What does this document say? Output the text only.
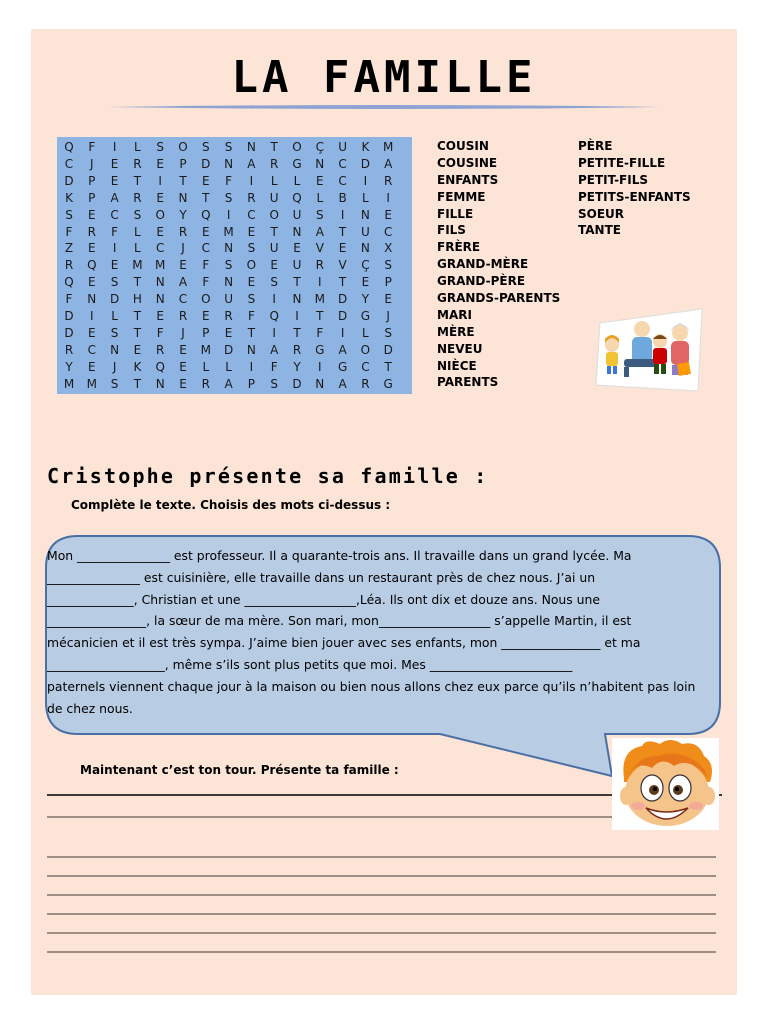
LA FAMILLE
Q	F	I	L	S	O	S	S	N	T	O	Ç	U	K	M
C	J	E	R	E	P	D	N	A	R	G	N	C	D	A
D	P	E	T	I	T	E	F	I	L	L	E	C	I	R
K	P	A	R	E	N	T	S	R	U	Q	L	B	L	I
S	E	C	S	O	Y	Q	I	C	O	U	S	I	N	E
F	R	F	L	E	R	E	M	E	T	N	A	T	U	C
Z	E	I	L	C	J	C	N	S	U	E	V	E	N	X
R	Q	E	M	M	E	F	S	O	E	U	R	V	Ç	S
Q	E	S	T	N	A	F	N	E	S	T	I	T	E	P
F	N	D	H	N	C	O	U	S	I	N	M	D	Y	E
D	I	L	T	E	R	E	R	F	Q	I	T	D	G	J
D	E	S	T	F	J	P	E	T	I	T	F	I	L	S
R	C	N	E	R	E	M	D	N	A	R	G	A	O	D
Y	E	J	K	Q	E	L	L	I	F	Y	I	G	C	T
M	M	S	T	N	E	R	A	P	S	D	N	A	R	G
COUSIN
COUSINE
ENFANTS
FEMME
FILLE
FILS
FRÈRE
GRAND-MÈRE
GRAND-PÈRE
GRANDS-PARENTS
MARI
MÈRE
NEVEU
NIÈCE
PARENTS
PÈRE
PETITE-FILLE
PETIT-FILS
PETITS-ENFANTS
SOEUR
TANTE
Cristophe présente sa famille :
Complète le texte. Choisis des mots ci-dessus :
Mon _______________ est professeur. Il a quarante-trois ans. Il travaille dans un grand lycée. Ma
_______________ est cuisinière, elle travaille dans un restaurant près de chez nous. J’ai un
______________, Christian et une __________________,Léa. Ils ont dix et douze ans. Nous une
________________, la sœur de ma mère. Son mari, mon__________________ s’appelle Martin, il est
mécanicien et il est très sympa. J’aime bien jouer avec ses enfants, mon ________________ et ma
___________________, même s’ils sont plus petits que moi. Mes _______________________
paternels viennent chaque jour à la maison ou bien nous allons chez eux parce qu’ils n’habitent pas loin
de chez nous.
Maintenant c’est ton tour. Présente ta famille :
